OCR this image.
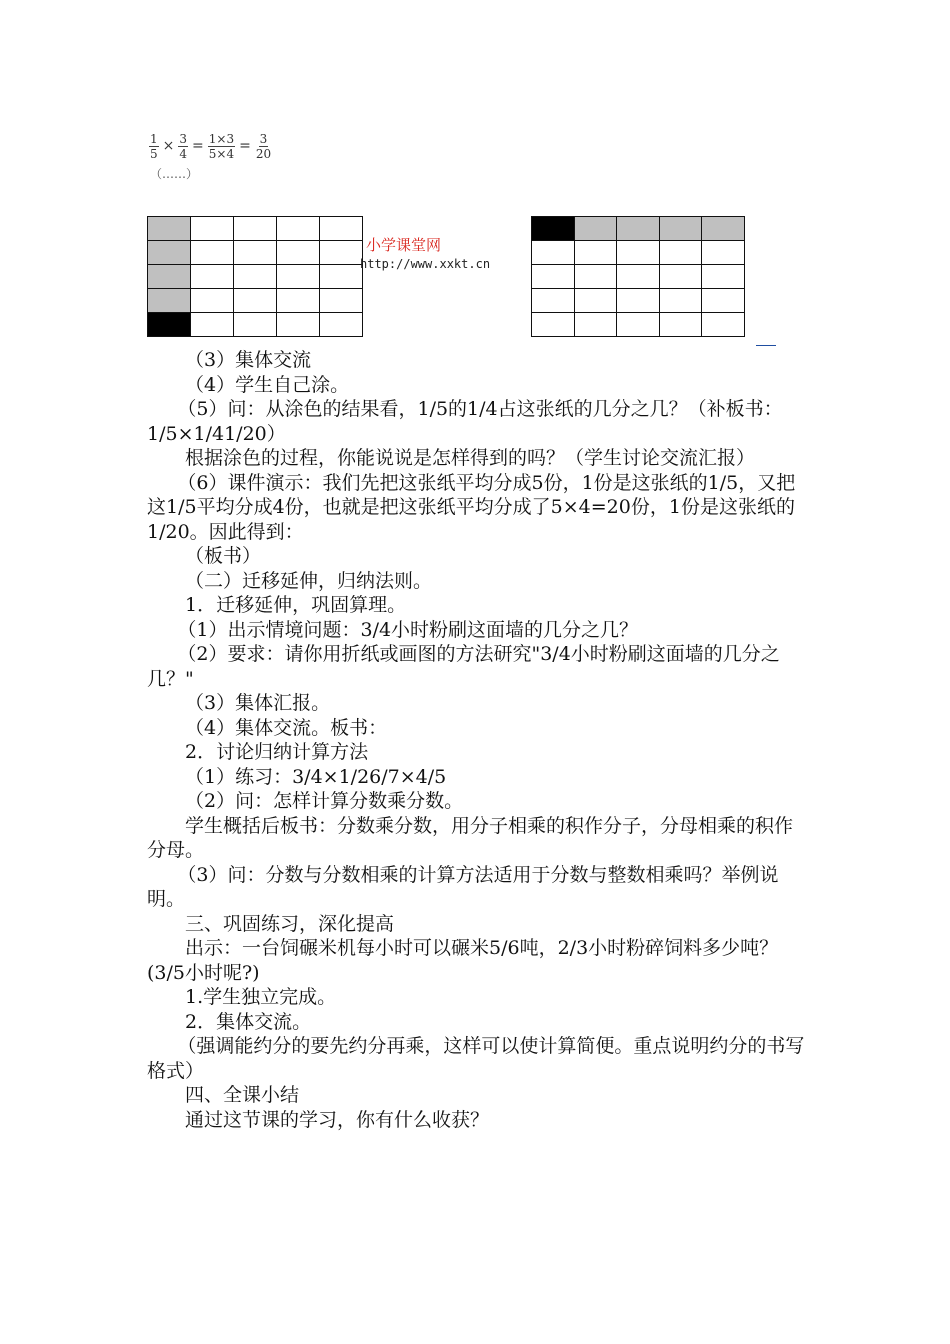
$\frac{1}{5} \times \frac{3}{4} = \frac{1\times 3}{5\times 4} = \frac{3}{20}$
（……）

小学课堂网
http://www.xxkt.cn

（3）集体交流

（4）学生自己涂。

（5）问：从涂色的结果看，1/5的1/4占这张纸的几分之几？（补板书：1/5×1/41/20）

根据涂色的过程，你能说说是怎样得到的吗？（学生讨论交流汇报）

（6）课件演示：我们先把这张纸平均分成5份，1份是这张纸的1/5，又把这1/5平均分成4份，也就是把这张纸平均分成了5×4=20份，1份是这张纸的1/20。因此得到：

（板书）

（二）迁移延伸，归纳法则。

1．迁移延伸，巩固算理。

（1）出示情境问题：3/4小时粉刷这面墙的几分之几？

（2）要求：请你用折纸或画图的方法研究"3/4小时粉刷这面墙的几分之几？"

（3）集体汇报。

（4）集体交流。板书：

2．讨论归纳计算方法

（1）练习：3/4×1/26/7×4/5

（2）问：怎样计算分数乘分数。

学生概括后板书：分数乘分数，用分子相乘的积作分子，分母相乘的积作分母。

（3）问：分数与分数相乘的计算方法适用于分数与整数相乘吗？举例说明。

三、巩固练习，深化提高

出示：一台饲碾米机每小时可以碾米5/6吨，2/3小时粉碎饲料多少吨？(3/5小时呢?)

1.学生独立完成。

2．集体交流。

（强调能约分的要先约分再乘，这样可以使计算简便。重点说明约分的书写格式）

四、全课小结

通过这节课的学习，你有什么收获？
